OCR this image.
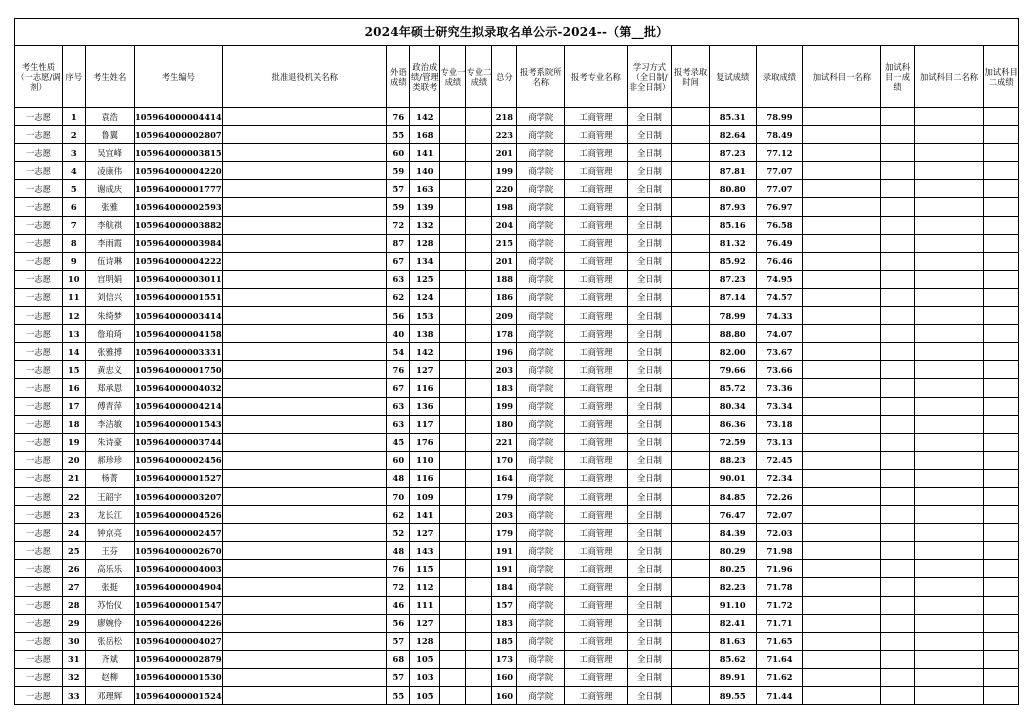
2024年硕士研究生拟录取名单公示-2024--（第__批）																			
考生性质（一志愿/调剂）	序号	考生姓名	考生编号	批准退役机关名称	外语成绩	政治成绩/管理类联考	专业一成绩	专业二成绩	总分	报考系院所名称	报考专业名称	学习方式（全日制/非全日制）	报考录取时间	复试成绩	录取成绩	加试科目一名称	加试科目一成绩	加试科目二名称	加试科目二成绩
一志愿	1	袁浩	105964000004414		76	142			218	商学院	工商管理	全日制		85.31	78.99				
一志愿	2	鲁翼	105964000002807		55	168			223	商学院	工商管理	全日制		82.64	78.49				
一志愿	3	吴宜峰	105964000003815		60	141			201	商学院	工商管理	全日制		87.23	77.12				
一志愿	4	凌康伟	105964000004220		59	140			199	商学院	工商管理	全日制		87.81	77.07				
一志愿	5	谢成庆	105964000001777		57	163			220	商学院	工商管理	全日制		80.80	77.07				
一志愿	6	张雅	105964000002593		59	139			198	商学院	工商管理	全日制		87.93	76.97				
一志愿	7	李航祺	105964000003882		72	132			204	商学院	工商管理	全日制		85.16	76.58				
一志愿	8	李雨霞	105964000003984		87	128			215	商学院	工商管理	全日制		81.32	76.49				
一志愿	9	伍诗琳	105964000004222		67	134			201	商学院	工商管理	全日制		85.92	76.46				
一志愿	10	宫明娟	105964000003011		63	125			188	商学院	工商管理	全日制		87.23	74.95				
一志愿	11	刘信兴	105964000001551		62	124			186	商学院	工商管理	全日制		87.14	74.57				
一志愿	12	朱绮梦	105964000003414		56	153			209	商学院	工商管理	全日制		78.99	74.33				
一志愿	13	詹珀琦	105964000004158		40	138			178	商学院	工商管理	全日制		88.80	74.07				
一志愿	14	张雅搏	105964000003331		54	142			196	商学院	工商管理	全日制		82.00	73.67				
一志愿	15	黄忠义	105964000001750		76	127			203	商学院	工商管理	全日制		79.66	73.66				
一志愿	16	郑承恩	105964000004032		67	116			183	商学院	工商管理	全日制		85.72	73.36				
一志愿	17	傅青萍	105964000004214		63	136			199	商学院	工商管理	全日制		80.34	73.34				
一志愿	18	李洁敏	105964000001543		63	117			180	商学院	工商管理	全日制		86.36	73.18				
一志愿	19	朱诗豪	105964000003744		45	176			221	商学院	工商管理	全日制		72.59	73.13				
一志愿	20	郝珍珍	105964000002456		60	110			170	商学院	工商管理	全日制		88.23	72.45				
一志愿	21	杨菁	105964000001527		48	116			164	商学院	工商管理	全日制		90.01	72.34				
一志愿	22	王韶宇	105964000003207		70	109			179	商学院	工商管理	全日制		84.85	72.26				
一志愿	23	龙长江	105964000004526		62	141			203	商学院	工商管理	全日制		76.47	72.07				
一志愿	24	钟京亮	105964000002457		52	127			179	商学院	工商管理	全日制		84.39	72.03				
一志愿	25	王芬	105964000002670		48	143			191	商学院	工商管理	全日制		80.29	71.98				
一志愿	26	高乐乐	105964000004003		76	115			191	商学院	工商管理	全日制		80.25	71.96				
一志愿	27	张挺	105964000004904		72	112			184	商学院	工商管理	全日制		82.23	71.78				
一志愿	28	苏怡仪	105964000001547		46	111			157	商学院	工商管理	全日制		91.10	71.72				
一志愿	29	廖婉伶	105964000004226		56	127			183	商学院	工商管理	全日制		82.41	71.71				
一志愿	30	张岳松	105964000004027		57	128			185	商学院	工商管理	全日制		81.63	71.65				
一志愿	31	齐斌	105964000002879		68	105			173	商学院	工商管理	全日制		85.62	71.64				
一志愿	32	赵柳	105964000001530		57	103			160	商学院	工商管理	全日制		89.91	71.62				
一志愿	33	邓理辉	105964000001524		55	105			160	商学院	工商管理	全日制		89.55	71.44				
